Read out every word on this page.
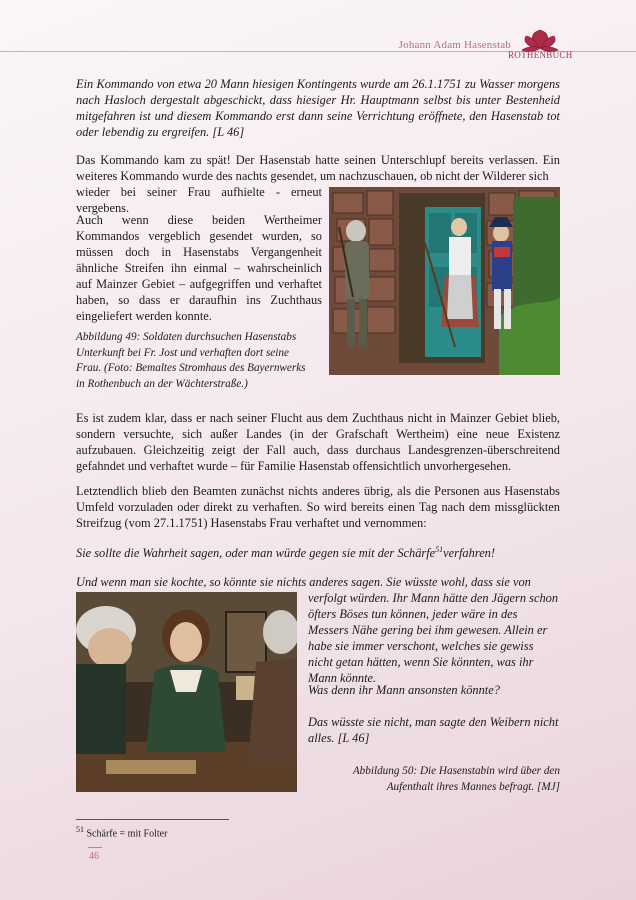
Johann Adam Hasenstab
ROTHENBUCH
Ein Kommando von etwa 20 Mann hiesigen Kontingents wurde am 26.1.1751 zu Wasser morgens nach Hasloch dergestalt abgeschickt, dass hiesiger Hr. Hauptmann selbst bis unter Bestenheid mitgefahren ist und diesem Kommando erst dann seine Verrichtung eröffnete, den Hasenstab tot oder lebendig zu ergreifen. [L 46]
Das Kommando kam zu spät! Der Hasenstab hatte seinen Unterschlupf bereits verlassen. Ein weiteres Kommando wurde des nachts gesendet, um nachzuschauen, ob nicht der Wilderer sich
wieder bei seiner Frau aufhielte - erneut vergebens.
Auch wenn diese beiden Wertheimer Kommandos vergeblich gesendet wurden, so müssen doch in Hasenstabs Vergangenheit ähnliche Streifen ihn einmal – wahrscheinlich auf Mainzer Gebiet – aufgegriffen und verhaftet haben, so dass er daraufhin ins Zuchthaus eingeliefert werden konnte.
Abbildung 49: Soldaten durchsuchen Hasenstabs Unterkunft bei Fr. Jost und verhaften dort seine Frau. (Foto: Bemaltes Stromhaus des Bayernwerks in Rothenbuch an der Wächterstraße.)
Es ist zudem klar, dass er nach seiner Flucht aus dem Zuchthaus nicht in Mainzer Gebiet blieb, sondern versuchte, sich außer Landes (in der Grafschaft Wertheim) eine neue Existenz aufzubauen. Gleichzeitig zeigt der Fall auch, dass durchaus Landesgrenzen-überschreitend gefahndet und verhaftet wurde – für Familie Hasenstab offensichtlich unvorhergesehen.
Letztendlich blieb den Beamten zunächst nichts anderes übrig, als die Personen aus Hasenstabs Umfeld vorzuladen oder direkt zu verhaften. So wird bereits einen Tag nach dem missglückten Streifzug (vom 27.1.1751) Hasenstabs Frau verhaftet und vernommen:
Sie sollte die Wahrheit sagen, oder man würde gegen sie mit der Schärfe$^{51}$verfahren!
Und wenn man sie kochte, so könnte sie nichts anderes sagen. Sie wüsste wohl, dass sie von
verfolgt würden. Ihr Mann hätte den Jägern schon öfters Böses tun können, jeder wäre in des Messers Nähe gering bei ihm gewesen. Allein er habe sie immer verschont, welches sie gewiss nicht getan hätten, wenn Sie könnten, was ihr Mann könnte.
Was denn ihr Mann ansonsten könnte?
Das wüsste sie nicht, man sagte den Weibern nicht alles. [L 46]
Abbildung 50: Die Hasenstabin wird über den Aufenthalt ihres Mannes befragt. [MJ]
$^{51}$ Schärfe = mit Folter
46
